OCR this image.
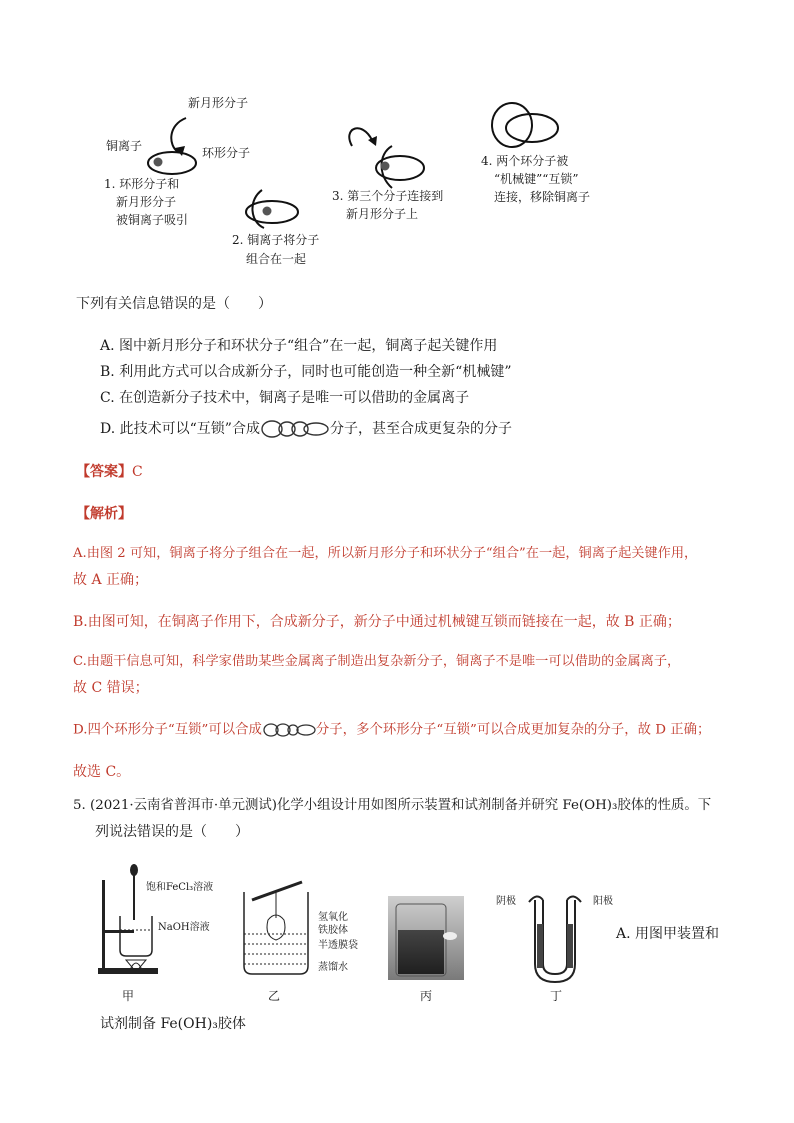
新月形分子
铜离子	环形分子
1. 环形分子和
新月形分子
被铜离子吸引
2. 铜离子将分子
组合在一起
3. 第三个分子连接到
新月形分子上
4. 两个环分子被
“机械键”“互锁”
连接，移除铜离子
下列有关信息错误的是（　　）
A. 图中新月形分子和环状分子“组合”在一起，铜离子起关键作用
B. 利用此方式可以合成新分子，同时也可能创造一种全新“机械键”
C. 在创造新分子技术中，铜离子是唯一可以借助的金属离子
D. 此技术可以“互锁”合成	分子，甚至合成更复杂的分子
【答案】C
【解析】
A.由图 2 可知，铜离子将分子组合在一起，所以新月形分子和环状分子“组合”在一起，铜离子起关键作用，
故 A 正确；
B.由图可知，在铜离子作用下，合成新分子，新分子中通过机械键互锁而链接在一起，故 B 正确；
C.由题干信息可知，科学家借助某些金属离子制造出复杂新分子，铜离子不是唯一可以借助的金属离子，
故 C 错误；
D.四个环形分子“互锁”可以合成	分子，多个环形分子“互锁”可以合成更加复杂的分子，故 D 正确；
故选 C。
5. (2021·云南省普洱市·单元测试)化学小组设计用如图所示装置和试剂制备并研究 Fe(OH)₃胶体的性质。下
列说法错误的是（　　）
饱和FeCl₃溶液
NaOH溶液
甲
氢氧化
铁胶体
半透膜袋
蒸馏水
乙	丙
阴极	阳极
丁
A. 用图甲装置和
试剂制备 Fe(OH)₃胶体
